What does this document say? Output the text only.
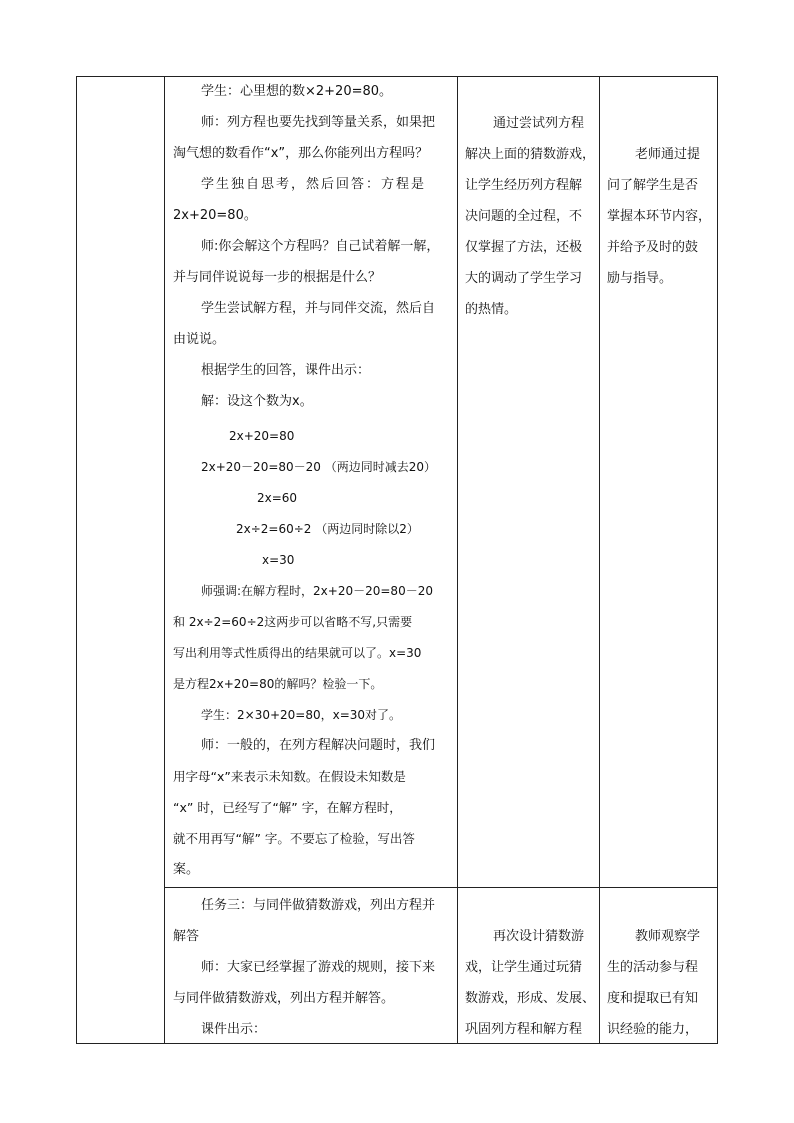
学生：心里想的数×2+20=80。
师：列方程也要先找到等量关系，如果把
淘气想的数看作“x”，那么你能列出方程吗？
学生独自思考，然后回答：方程是
2x+20=80。
师:你会解这个方程吗？自己试着解一解，
并与同伴说说每一步的根据是什么？
学生尝试解方程，并与同伴交流，然后自
由说说。
根据学生的回答，课件出示：
解：设这个数为x。
2x+20=80
2x+20－20=80－20 （两边同时减去20）
2x=60
2x÷2=60÷2 （两边同时除以2）
x=30
师强调:在解方程时，2x+20－20=80－20
和 2x÷2=60÷2这两步可以省略不写,只需要
写出利用等式性质得出的结果就可以了。x=30
是方程2x+20=80的解吗？检验一下。
学生：2×30+20=80，x=30对了。
师：一般的，在列方程解决问题时，我们
用字母“x”来表示未知数。在假设未知数是
“x” 时，已经写了“解” 字，在解方程时，
就不用再写“解” 字。不要忘了检验，写出答
案。
通过尝试列方程
解决上面的猜数游戏，
让学生经历列方程解
决问题的全过程，不
仅掌握了方法，还极
大的调动了学生学习
的热情。
老师通过提
问了解学生是否
掌握本环节内容，
并给予及时的鼓
励与指导。
任务三：与同伴做猜数游戏，列出方程并
解答
师：大家已经掌握了游戏的规则，接下来
与同伴做猜数游戏，列出方程并解答。
课件出示：
再次设计猜数游
戏，让学生通过玩猜
数游戏，形成、发展、
巩固列方程和解方程
教师观察学
生的活动参与程
度和提取已有知
识经验的能力，
